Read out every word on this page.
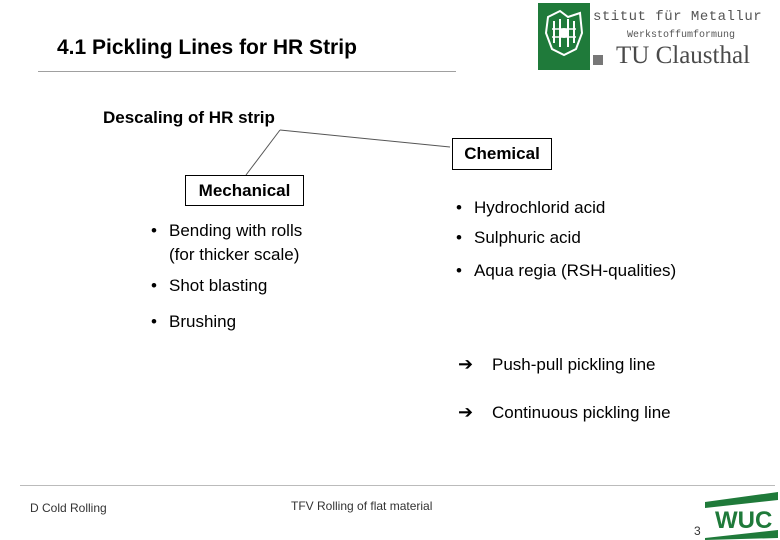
4.1 Pickling Lines for HR Strip
stitut für Metallur
Werkstoffumformung
TU Clausthal
Descaling of HR strip
Chemical
Mechanical
• Hydrochlorid acid
• Sulphuric acid
• Aqua regia (RSH-qualities)
• Bending with rolls
(for thicker scale)
• Shot blasting
• Brushing
➔ Push-pull pickling line
➔ Continuous pickling line
D Cold Rolling	TFV Rolling of flat material
3 WUC
